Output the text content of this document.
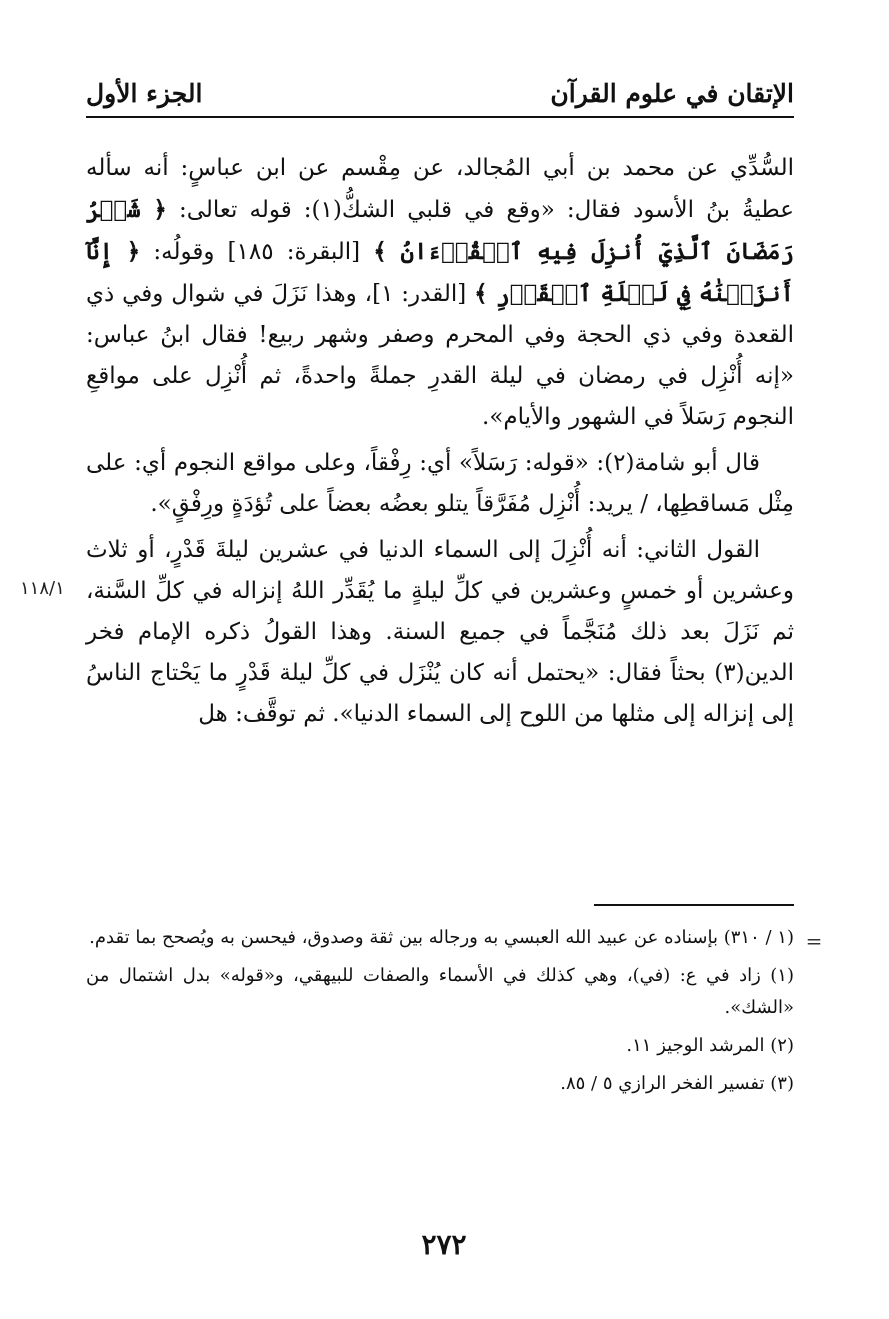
الإتقان في علوم القرآن
الجزء الأول
١١٨/١

السُّدِّي عن محمد بن أبي المُجالد، عن مِقْسم عن ابن عباسٍ: أنه سأله عطيةُ بنُ الأسود فقال: «وقع في قلبي الشكُّ(١): قوله تعالى: ﴿ شَهۡرُ رَمَضَانَ ٱلَّذِيٓ أُنزِلَ فِيهِ ٱلۡقُرۡءَانُ ﴾ [البقرة: ١٨٥] وقولُه: ﴿ إِنَّآ أَنزَلۡنَٰهُ فِي لَيۡلَةِ ٱلۡقَدۡرِ ﴾ [القدر: ١]، وهذا نَزَلَ في شوال وفي ذي القعدة وفي ذي الحجة وفي المحرم وصفر وشهر ربيع! فقال ابنُ عباس: «إنه أُنْزِل في رمضان في ليلة القدرِ جملةً واحدةً، ثم أُنْزِل على مواقعِ النجوم رَسَلاً في الشهور والأيام».

قال أبو شامة(٢): «قوله: رَسَلاً» أي: رِفْقاً، وعلى مواقع النجوم أي: على مِثْل مَساقطِها، / يريد: أُنْزِل مُفَرَّقاً يتلو بعضُه بعضاً على تُؤدَةٍ ورِفْقٍ».

القول الثاني: أنه أُنْزِلَ إلى السماء الدنيا في عشرين ليلةَ قَدْرٍ، أو ثلاث وعشرين أو خمسٍ وعشرين في كلِّ ليلةٍ ما يُقَدِّر اللهُ إنزاله في كلِّ السَّنة، ثم نَزَلَ بعد ذلك مُنَجَّماً في جميع السنة. وهذا القولُ ذكره الإمام فخر الدين(٣) بحثاً فقال: «يحتمل أنه كان يُنْزَل في كلِّ ليلة قَدْرٍ ما يَحْتاج الناسُ إلى إنزاله إلى مثلها من اللوح إلى السماء الدنيا». ثم توقَّف: هل

=

(١ / ٣١٠) بإسناده عن عبيد الله العبسي به ورجاله بين ثقة وصدوق، فيحسن به ويُصحح بما تقدم.

(١) زاد في ع: (في)، وهي كذلك في الأسماء والصفات للبيهقي، و«قوله» بدل اشتمال من «الشك».

(٢) المرشد الوجيز ١١.

(٣) تفسير الفخر الرازي ٥ / ٨٥.

٢٧٢
